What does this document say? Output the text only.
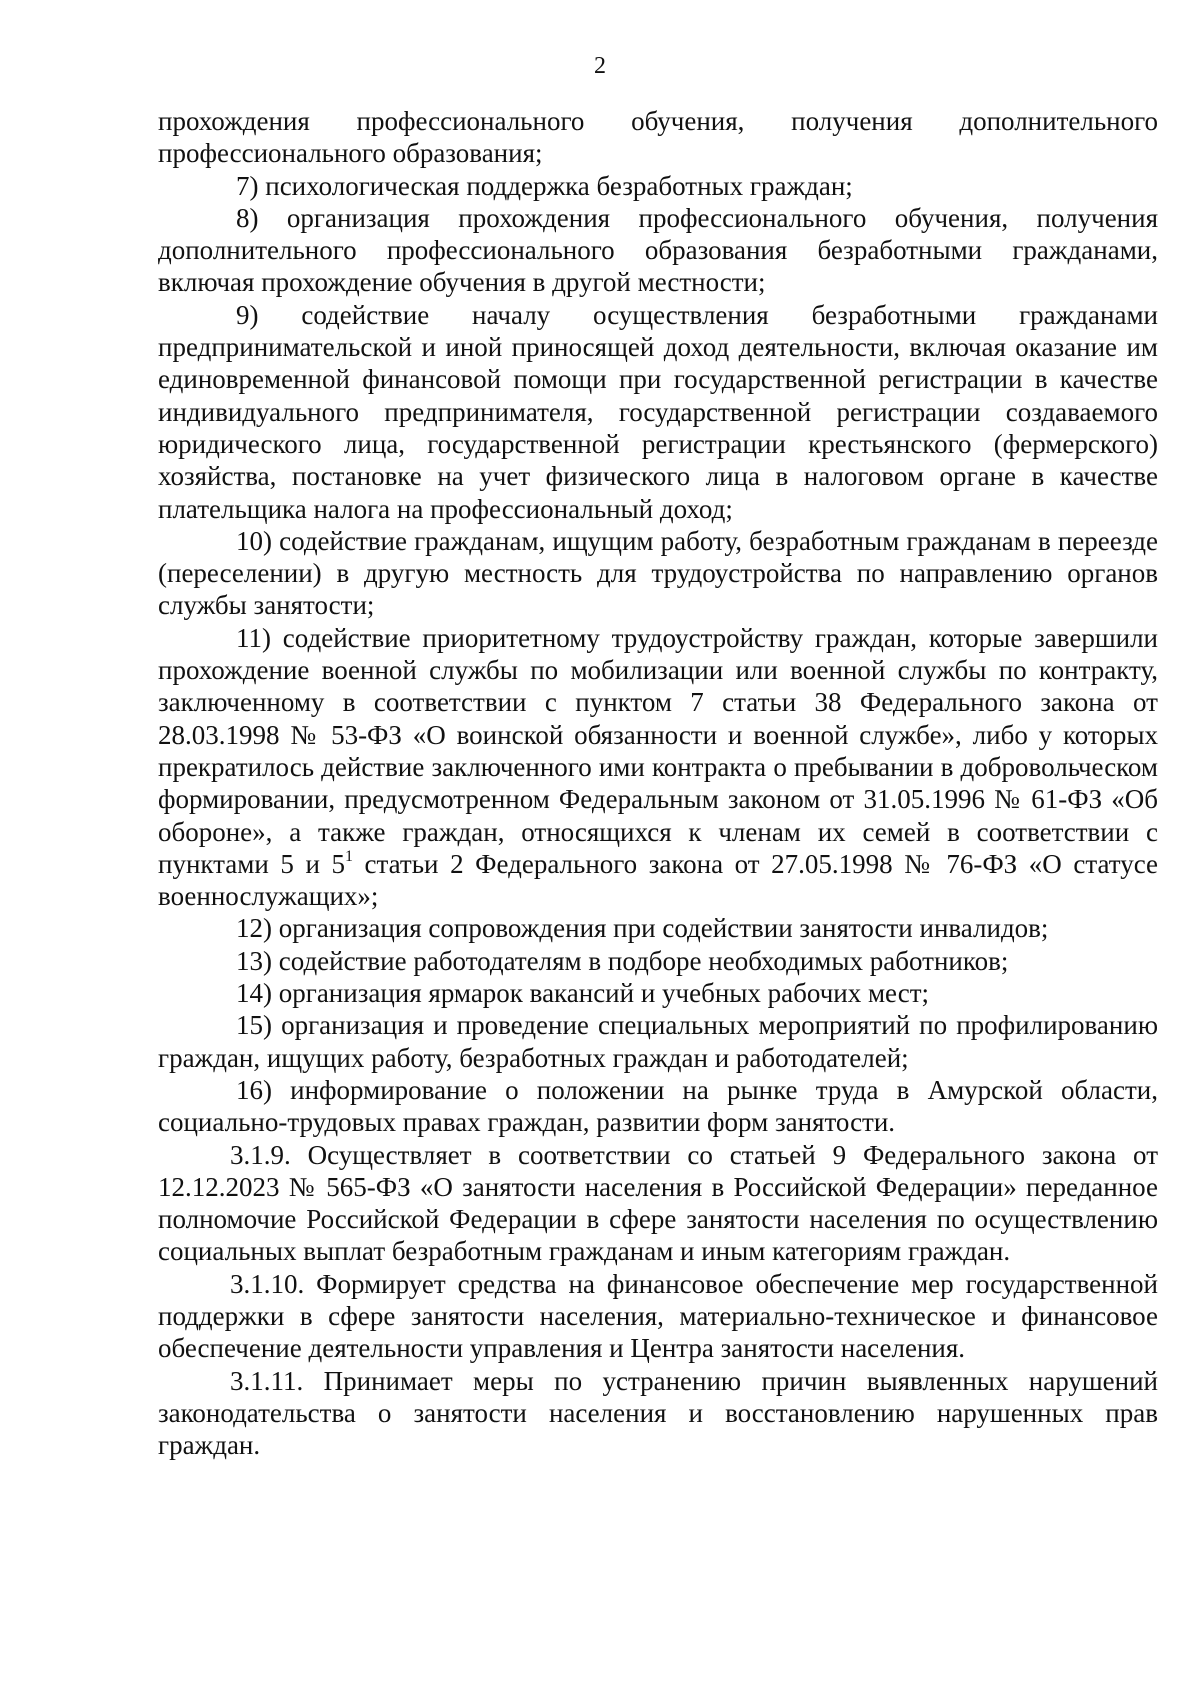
2

прохождения профессионального обучения, получения дополнительного профессионального образования;

7) психологическая поддержка безработных граждан;

8) организация прохождения профессионального обучения, получения дополнительного профессионального образования безработными гражданами, включая прохождение обучения в другой местности;

9) содействие началу осуществления безработными гражданами предпринимательской и иной приносящей доход деятельности, включая оказание им единовременной финансовой помощи при государственной регистрации в качестве индивидуального предпринимателя, государственной регистрации создаваемого юридического лица, государственной регистрации крестьянского (фермерского) хозяйства, постановке на учет физического лица в налоговом органе в качестве плательщика налога на профессиональный доход;

10) содействие гражданам, ищущим работу, безработным гражданам в переезде (переселении) в другую местность для трудоустройства по направлению органов службы занятости;

11) содействие приоритетному трудоустройству граждан, которые завершили прохождение военной службы по мобилизации или военной службы по контракту, заключенному в соответствии с пунктом 7 статьи 38 Федерального закона от 28.03.1998 № 53-ФЗ «О воинской обязанности и военной службе», либо у которых прекратилось действие заключенного ими контракта о пребывании в добровольческом формировании, предусмотренном Федеральным законом от 31.05.1996 № 61-ФЗ «Об обороне», а также граждан, относящихся к членам их семей в соответствии с пунктами 5 и $5^1$ статьи 2 Федерального закона от 27.05.1998 № 76-ФЗ «О статусе военнослужащих»;

12) организация сопровождения при содействии занятости инвалидов;

13) содействие работодателям в подборе необходимых работников;

14) организация ярмарок вакансий и учебных рабочих мест;

15) организация и проведение специальных мероприятий по профилированию граждан, ищущих работу, безработных граждан и работодателей;

16) информирование о положении на рынке труда в Амурской области, социально-трудовых правах граждан, развитии форм занятости.

3.1.9. Осуществляет в соответствии со статьей 9 Федерального закона от 12.12.2023 № 565-ФЗ «О занятости населения в Российской Федерации» переданное полномочие Российской Федерации в сфере занятости населения по осуществлению социальных выплат безработным гражданам и иным категориям граждан.

3.1.10. Формирует средства на финансовое обеспечение мер государственной поддержки в сфере занятости населения, материально-техническое и финансовое обеспечение деятельности управления и Центра занятости населения.

3.1.11. Принимает меры по устранению причин выявленных нарушений законодательства о занятости населения и восстановлению нарушенных прав граждан.
